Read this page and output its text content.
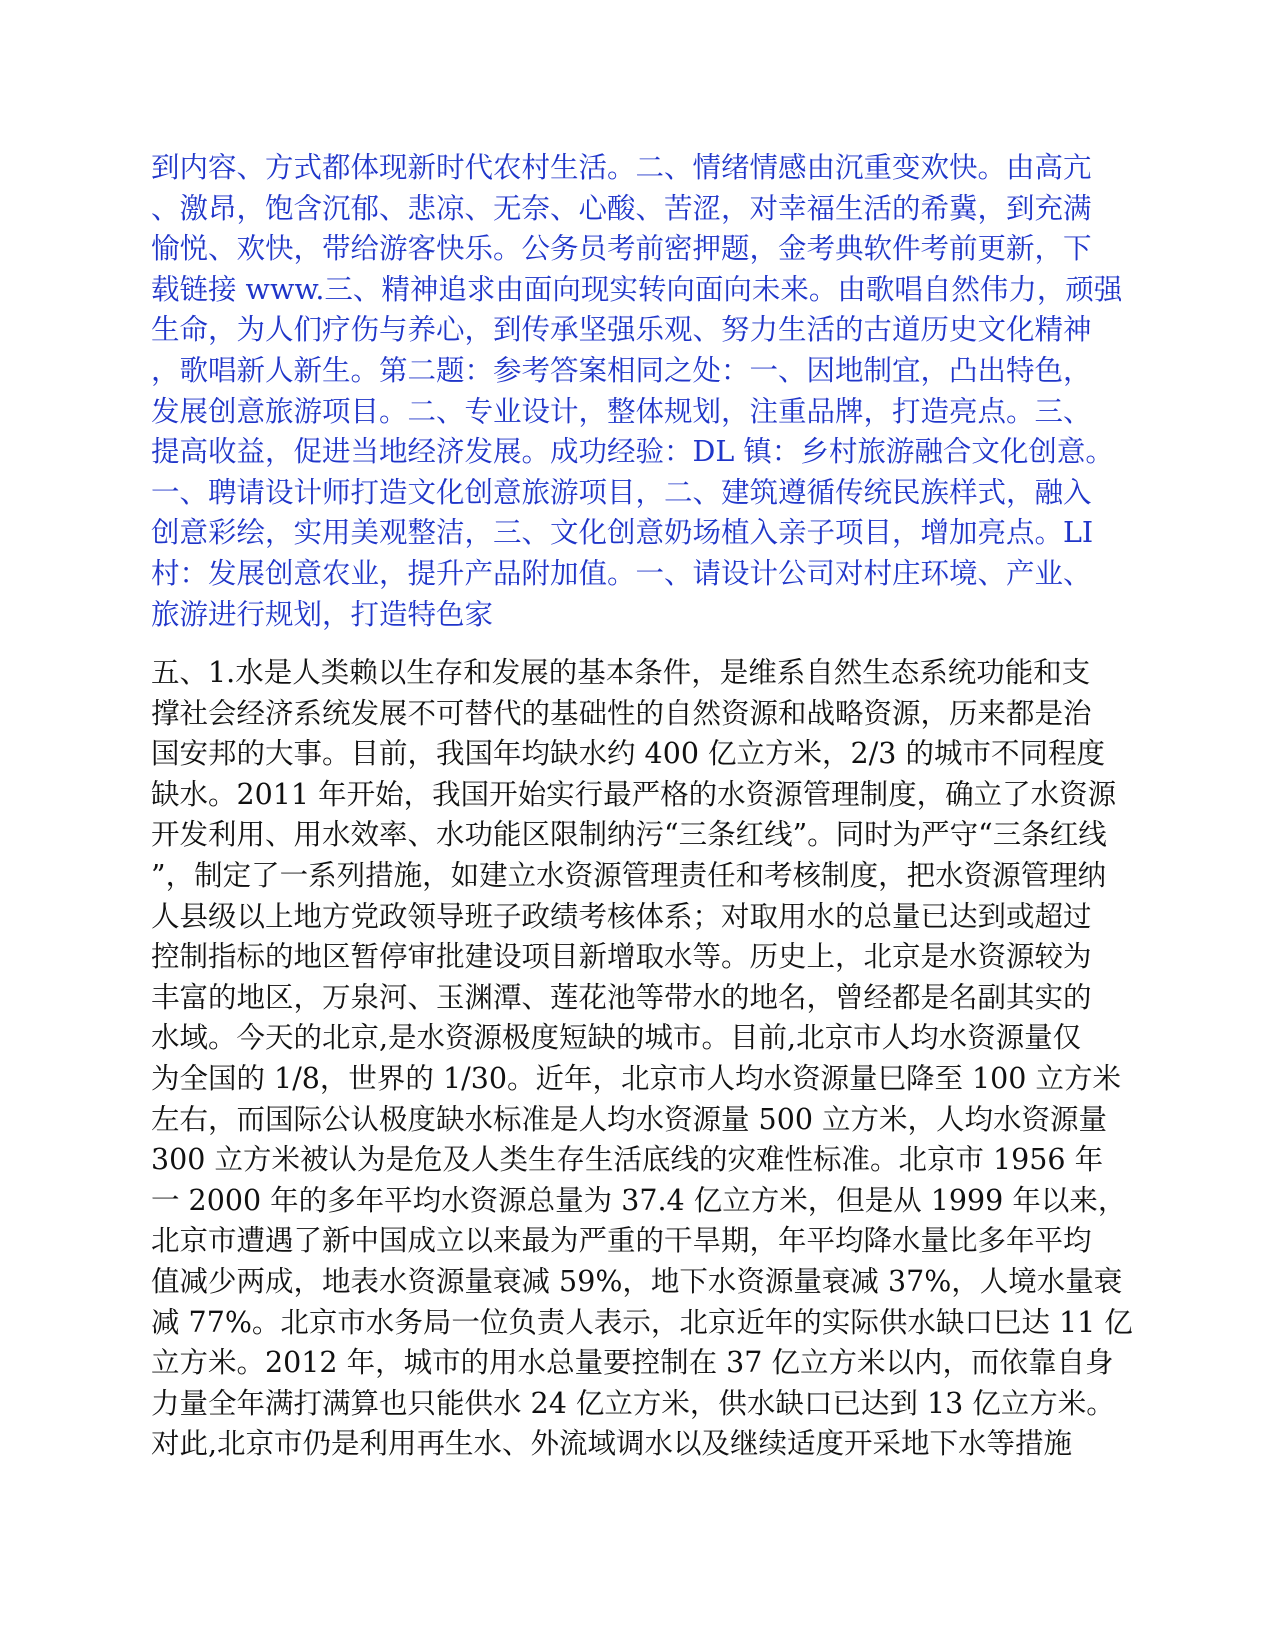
到内容、方式都体现新时代农村生活。二、情绪情感由沉重变欢快。由高亢
、激昂，饱含沉郁、悲凉、无奈、心酸、苦涩，对幸福生活的希冀，到充满
愉悦、欢快，带给游客快乐。公务员考前密押题，金考典软件考前更新，下
载链接 www.三、精神追求由面向现实转向面向未来。由歌唱自然伟力，顽强
生命，为人们疗伤与养心，到传承坚强乐观、努力生活的古道历史文化精神
，歌唱新人新生。第二题：参考答案相同之处：一、因地制宜，凸出特色，
发展创意旅游项目。二、专业设计，整体规划，注重品牌，打造亮点。三、
提高收益，促进当地经济发展。成功经验：DL 镇：乡村旅游融合文化创意。
一、聘请设计师打造文化创意旅游项目，二、建筑遵循传统民族样式，融入
创意彩绘，实用美观整洁，三、文化创意奶场植入亲子项目，增加亮点。LI
村：发展创意农业，提升产品附加值。一、请设计公司对村庄环境、产业、
旅游进行规划，打造特色家
五、1.水是人类赖以生存和发展的基本条件，是维系自然生态系统功能和支
撑社会经济系统发展不可替代的基础性的自然资源和战略资源，历来都是治
国安邦的大事。目前，我国年均缺水约 400 亿立方米，2/3 的城市不同程度
缺水。2011 年开始，我国开始实行最严格的水资源管理制度，确立了水资源
开发利用、用水效率、水功能区限制纳污“三条红线”。同时为严守“三条红线
”，制定了一系列措施，如建立水资源管理责任和考核制度，把水资源管理纳
人县级以上地方党政领导班子政绩考核体系；对取用水的总量已达到或超过
控制指标的地区暂停审批建设项目新增取水等。历史上，北京是水资源较为
丰富的地区，万泉河、玉渊潭、莲花池等带水的地名，曾经都是名副其实的
水域。今天的北京,是水资源极度短缺的城市。目前,北京市人均水资源量仅
为全国的 1/8，世界的 1/30。近年，北京市人均水资源量巳降至 100 立方米
左右，而国际公认极度缺水标准是人均水资源量 500 立方米，人均水资源量
300 立方米被认为是危及人类生存生活底线的灾难性标准。北京市 1956 年
一 2000 年的多年平均水资源总量为 37.4 亿立方米，但是从 1999 年以来，
北京市遭遇了新中国成立以来最为严重的干旱期，年平均降水量比多年平均
值减少两成，地表水资源量衰减 59%，地下水资源量衰减 37%，人境水量衰
减 77%。北京市水务局一位负责人表示，北京近年的实际供水缺口巳达 11 亿
立方米。2012 年，城市的用水总量要控制在 37 亿立方米以内，而依靠自身
力量全年满打满算也只能供水 24 亿立方米，供水缺口已达到 13 亿立方米。
对此,北京市仍是利用再生水、外流域调水以及继续适度开采地下水等措施
